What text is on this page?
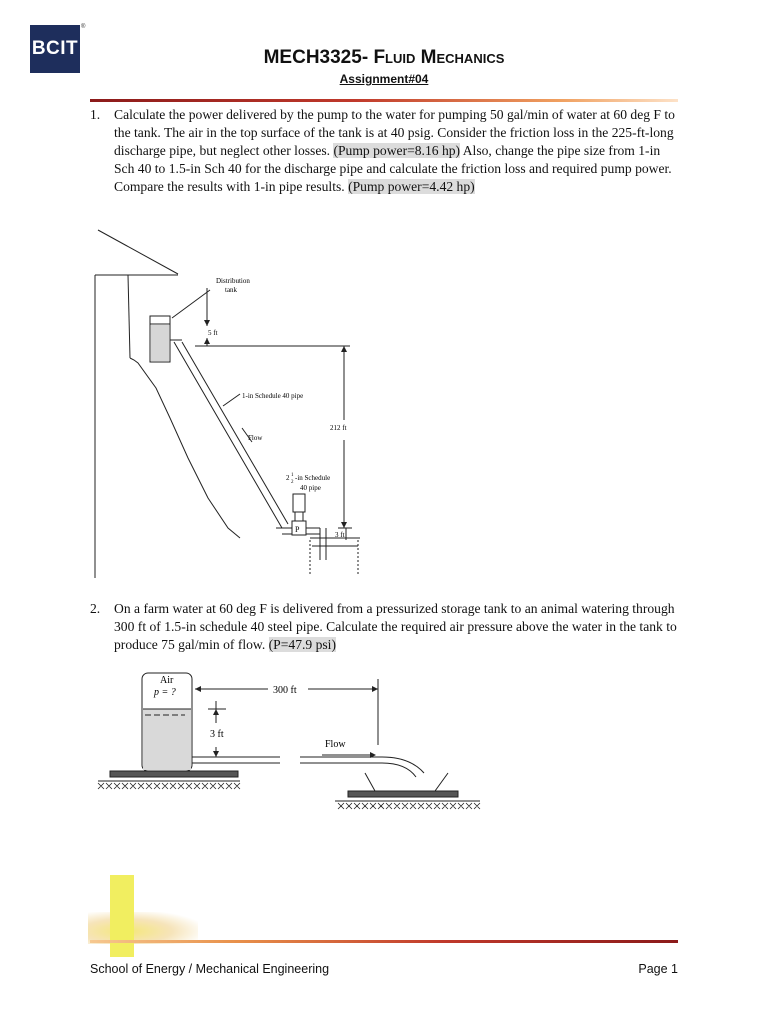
BCIT
®
MECH3325- Fluid Mechanics
Assignment#04
1. Calculate the power delivered by the pump to the water for pumping 50 gal/min of water at 60 deg F to the tank. The air in the top surface of the tank is at 40 psig. Consider the friction loss in the 225-ft-long discharge pipe, but neglect other losses. (Pump power=8.16 hp) Also, change the pipe size from 1-in Sch 40 to 1.5-in Sch 40 for the discharge pipe and calculate the friction loss and required pump power. Compare the results with 1-in pipe results. (Pump power=4.42 hp)
Distribution
tank
5 ft
1-in Schedule 40 pipe
212 ft
Flow
2 1
2
-in Schedule
40 pipe
P
3 ft
2. On a farm water at 60 deg F is delivered from a pressurized storage tank to an animal watering through 300 ft of 1.5-in schedule 40 steel pipe. Calculate the required air pressure above the water in the tank to produce 75 gal/min of flow. (P=47.9 psi)
Air
p = ?	300 ft
3 ft
Flow
School of Energy / Mechanical Engineering	Page 1
